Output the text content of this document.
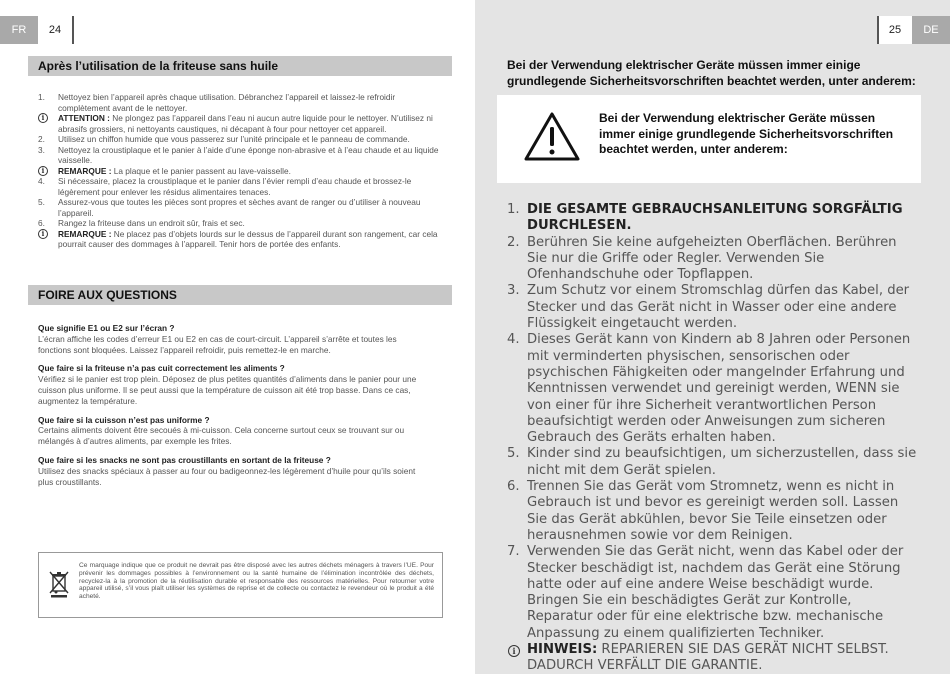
FR	24
Après l’utilisation de la friteuse sans huile
1.	Nettoyez bien l’appareil après chaque utilisation. Débranchez l’appareil et laissez-le refroidir complètement avant de le nettoyer.
i	ATTENTION : Ne plongez pas l’appareil dans l’eau ni aucun autre liquide pour le nettoyer. N’utilisez ni abrasifs grossiers, ni nettoyants caustiques, ni décapant à four pour nettoyer cet appareil.
2.	Utilisez un chiffon humide que vous passerez sur l’unité principale et le panneau de commande.
3.	Nettoyez la croustiplaque et le panier à l’aide d’une éponge non-abrasive et à l’eau chaude et au liquide vaisselle.
i	REMARQUE : La plaque et le panier passent au lave-vaisselle.
4.	Si nécessaire, placez la croustiplaque et le panier dans l’évier rempli d’eau chaude et brossez-le légèrement pour enlever les résidus alimentaires tenaces.
5.	Assurez-vous que toutes les pièces sont propres et sèches avant de ranger ou d’utiliser à nouveau l’appareil.
6.	Rangez la friteuse dans un endroit sûr, frais et sec.
i	REMARQUE : Ne placez pas d’objets lourds sur le dessus de l’appareil durant son rangement, car cela pourrait causer des dommages à l’appareil. Tenir hors de portée des enfants.
FOIRE AUX QUESTIONS

Que signifie E1 ou E2 sur l’écran ?

L’écran affiche les codes d’erreur E1 ou E2 en cas de court-circuit. L’appareil s’arrête et toutes les fonctions sont bloquées. Laissez l’appareil refroidir, puis remettez-le en marche.

Que faire si la friteuse n’a pas cuit correctement les aliments ?

Vérifiez si le panier est trop plein. Déposez de plus petites quantités d’aliments dans le panier pour une cuisson plus uniforme. Il se peut aussi que la température de cuisson ait été trop basse. Dans ce cas, augmentez la température.

Que faire si la cuisson n’est pas uniforme ?

Certains aliments doivent être secoués à mi-cuisson. Cela concerne surtout ceux se trouvant sur ou mélangés à d’autres aliments, par exemple les frites.

Que faire si les snacks ne sont pas croustillants en sortant de la friteuse ?

Utilisez des snacks spéciaux à passer au four ou badigeonnez-les légèrement d’huile pour qu’ils soient plus croustillants.

Ce marquage indique que ce produit ne devrait pas être disposé avec les autres déchets ménagers à travers l’UE. Pour prévenir les dommages possibles à l’environnement ou la santé humaine de l’élimination incontrôlée des déchets, recyclez-la à la promotion de la réutilisation durable et responsable des ressources matérielles. Pour retourner votre appareil utilisé, s’il vous plaît utiliser les systèmes de reprise et de collecte ou contactez le revendeur où le produit a été acheté.
25	DE

Bei der Verwendung elektrischer Geräte müssen immer einige grundlegende Sicherheitsvorschriften beachtet werden, unter anderem:

Bei der Verwendung elektrischer Geräte müssen immer einige grundlegende Sicherheitsvorschriften beachtet werden, unter anderem:

1. DIE GESAMTE GEBRAUCHSANLEITUNG SORGFÄLTIG DURCHLESEN.
2. Berühren Sie keine aufgeheizten Oberflächen. Berühren Sie nur die Griffe oder Regler. Verwenden Sie Ofenhandschuhe oder Topflappen.
3. Zum Schutz vor einem Stromschlag dürfen das Kabel, der Stecker und das Gerät nicht in Wasser oder eine andere Flüssigkeit eingetaucht werden.
4. Dieses Gerät kann von Kindern ab 8 Jahren oder Personen mit verminderten physischen, sensorischen oder psychischen Fähigkeiten oder mangelnder Erfahrung und Kenntnissen verwendet und gereinigt werden, WENN sie von einer für ihre Sicherheit verantwortlichen Person beaufsichtigt werden oder Anweisungen zum sicheren Gebrauch des Geräts erhalten haben.
5. Kinder sind zu beaufsichtigen, um sicherzustellen, dass sie nicht mit dem Gerät spielen.
6. Trennen Sie das Gerät vom Stromnetz, wenn es nicht in Gebrauch ist und bevor es gereinigt werden soll. Lassen Sie das Gerät abkühlen, bevor Sie Teile einsetzen oder herausnehmen sowie vor dem Reinigen.
7. Verwenden Sie das Gerät nicht, wenn das Kabel oder der Stecker beschädigt ist, nachdem das Gerät eine Störung hatte oder auf eine andere Weise beschädigt wurde. Bringen Sie ein beschädigtes Gerät zur Kontrolle, Reparatur oder für eine elektrische bzw. mechanische Anpassung zu einem qualifizierten Techniker.
i HINWEIS: REPARIEREN SIE DAS GERÄT NICHT SELBST. DADURCH VERFÄLLT DIE GARANTIE.
